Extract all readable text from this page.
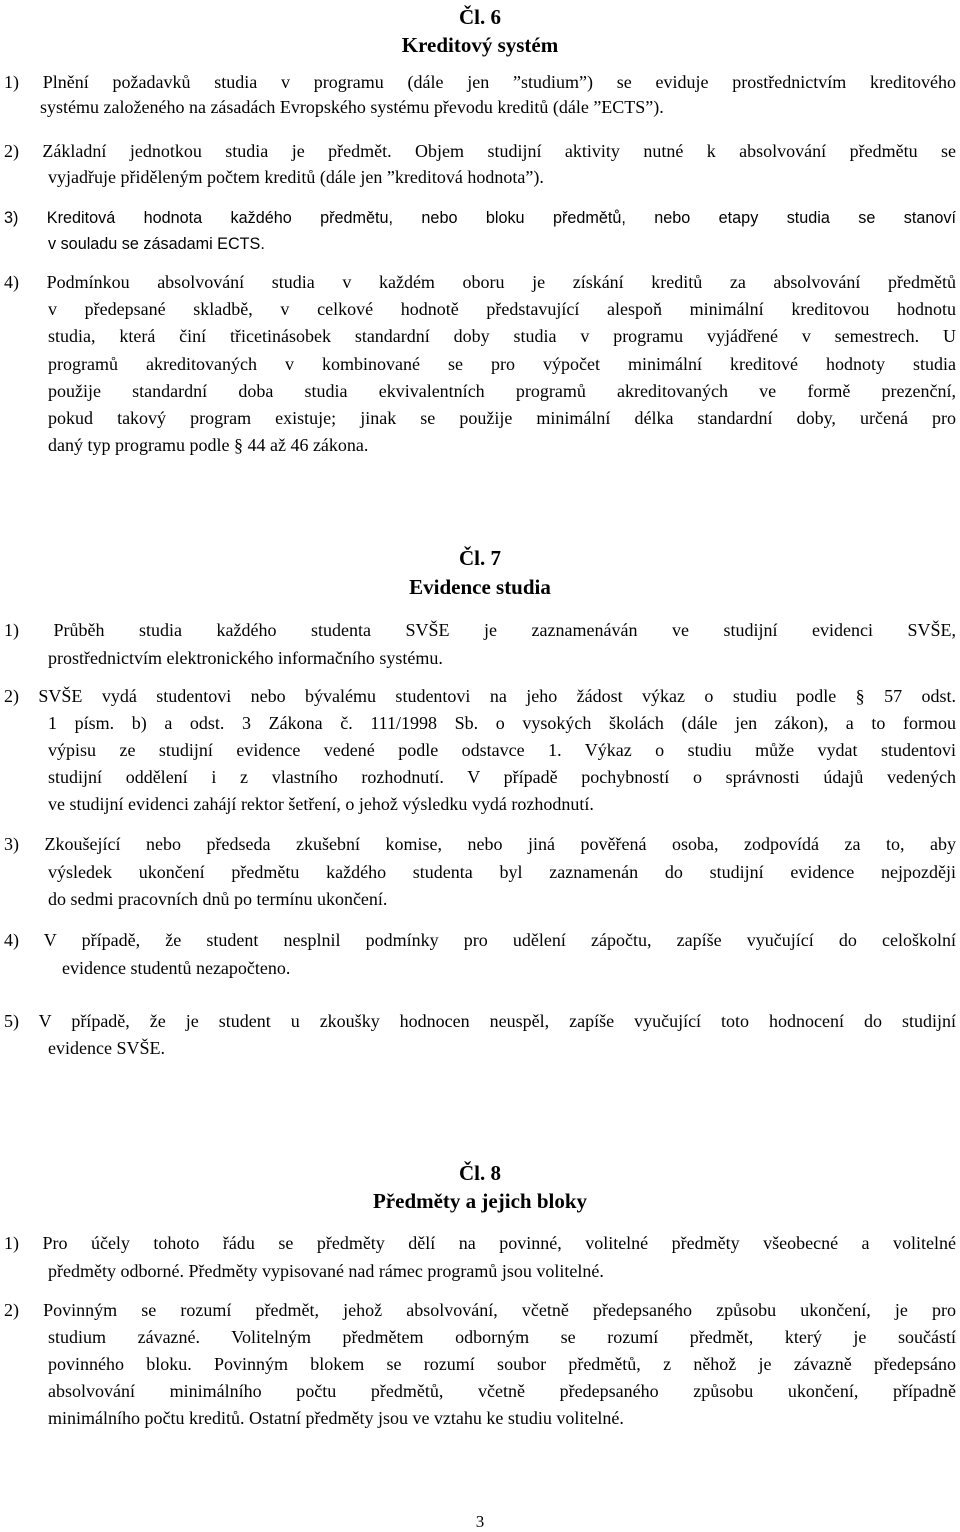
Čl. 6
Kreditový systém
1) Plnění požadavků studia v programu (dále jen ”studium”) se eviduje prostřednictvím kreditového
systému založeného na zásadách Evropského systému převodu kreditů (dále ”ECTS”).
2) Základní jednotkou studia je předmět. Objem studijní aktivity nutné k absolvování předmětu se
vyjadřuje přiděleným počtem kreditů (dále jen ”kreditová hodnota”).
3) Kreditová hodnota každého předmětu, nebo bloku předmětů, nebo etapy studia se stanoví
v souladu se zásadami ECTS.
4) Podmínkou absolvování studia v každém oboru je získání kreditů za absolvování předmětů
v předepsané skladbě, v celkové hodnotě představující alespoň minimální kreditovou hodnotu
studia, která činí třicetinásobek standardní doby studia v programu vyjádřené v semestrech. U
programů akreditovaných v kombinované se pro výpočet minimální kreditové hodnoty studia
použije standardní doba studia ekvivalentních programů akreditovaných ve formě prezenční,
pokud takový program existuje; jinak se použije minimální délka standardní doby, určená pro
daný typ programu podle § 44 až 46 zákona.
Čl. 7
Evidence studia
1) Průběh studia každého studenta SVŠE je zaznamenáván ve studijní evidenci SVŠE,
prostřednictvím elektronického informačního systému.
2) SVŠE vydá studentovi nebo bývalému studentovi na jeho žádost výkaz o studiu podle § 57 odst.
1 písm. b) a odst. 3 Zákona č. 111/1998 Sb. o vysokých školách (dále jen zákon), a to formou
výpisu ze studijní evidence vedené podle odstavce 1. Výkaz o studiu může vydat studentovi
studijní oddělení i z vlastního rozhodnutí. V případě pochybností o správnosti údajů vedených
ve studijní evidenci zahájí rektor šetření, o jehož výsledku vydá rozhodnutí.
3) Zkoušející nebo předseda zkušební komise, nebo jiná pověřená osoba, zodpovídá za to, aby
výsledek ukončení předmětu každého studenta byl zaznamenán do studijní evidence nejpozději
do sedmi pracovních dnů po termínu ukončení.
4) V případě, že student nesplnil podmínky pro udělení zápočtu, zapíše vyučující do celoškolní
evidence studentů nezapočteno.
5) V případě, že je student u zkoušky hodnocen neuspěl, zapíše vyučující toto hodnocení do studijní
evidence SVŠE.
Čl. 8
Předměty a jejich bloky
1) Pro účely tohoto řádu se předměty dělí na povinné, volitelné předměty všeobecné a volitelné
předměty odborné. Předměty vypisované nad rámec programů jsou volitelné.
2) Povinným se rozumí předmět, jehož absolvování, včetně předepsaného způsobu ukončení, je pro
studium závazné. Volitelným předmětem odborným se rozumí předmět, který je součástí
povinného bloku. Povinným blokem se rozumí soubor předmětů, z něhož je závazně předepsáno
absolvování minimálního počtu předmětů, včetně předepsaného způsobu ukončení, případně
minimálního počtu kreditů. Ostatní předměty jsou ve vztahu ke studiu volitelné.
3
